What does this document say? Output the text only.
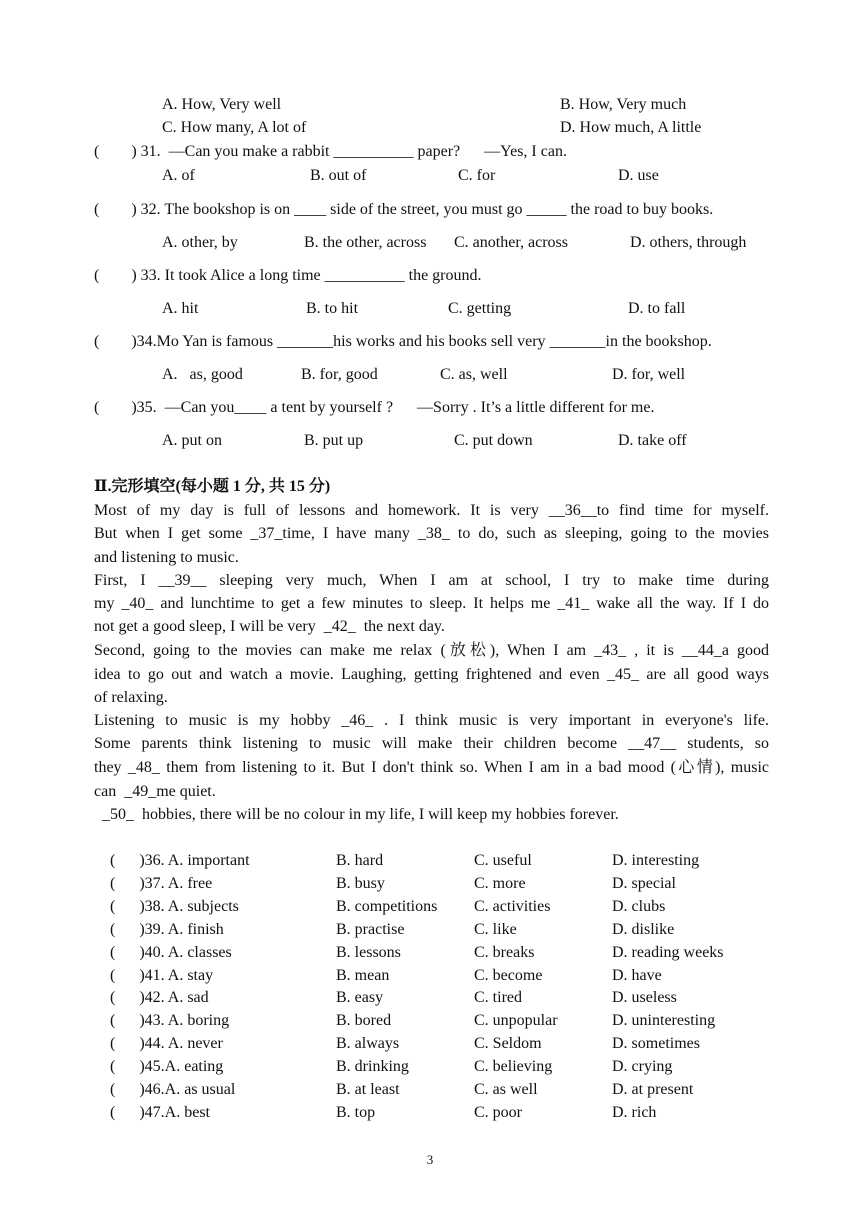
A. How, Very well	B. How, Very much
C. How many, A lot of	D. How much, A little
(        ) 31.  —Can you make a rabbit __________ paper?      —Yes, I can.
A. of	B. out of	C. for	D. use
(        ) 32. The bookshop is on ____ side of the street, you must go _____ the road to buy books.
A. other, by	B. the other, across C. another, across	D. others, through
(        ) 33. It took Alice a long time __________ the ground.
A. hit	B. to hit	C. getting	D. to fall
(        )34.Mo Yan is famous _______his works and his books sell very _______in the bookshop.
A.   as, good	B. for, good	C. as, well	D. for, well
(        )35.  —Can you____ a tent by yourself ?      —Sorry . It’s a little different for me.
A. put on	B. put up	C. put down	D. take off
Ⅱ.完形填空(每小题 1 分, 共 15 分)
Most of my day is full of lessons and homework. It is very __36__to find time for myself.
But when I get some _37_time, I have many _38_ to do, such as sleeping, going to the movies
and listening to music.
First, I __39__ sleeping very much, When I am at school, I try to make time during
my _40_ and lunchtime to get a few minutes to sleep. It helps me _41_ wake all the way. If I do
not get a good sleep, I will be very  _42_  the next day.
Second, going to the movies can make me relax (放松), When I am _43_ , it is __44_a good
idea to go out and watch a movie. Laughing, getting frightened and even _45_ are all good ways
of relaxing.
Listening to music is my hobby _46_ . I think music is very important in everyone's life.
Some parents think listening to music will make their children become __47__ students, so
they _48_ them from listening to it. But I don't think so. When I am in a bad mood (心情), music
can  _49_me quiet.
_50_  hobbies, there will be no colour in my life, I will keep my hobbies forever.
(      )36. A. important	B. hard	C. useful	D. interesting
(      )37. A. free	B. busy	C. more	D. special
(      )38. A. subjects	B. competitions C. activities	D. clubs
(      )39. A. finish	B. practise	C. like	D. dislike
(      )40. A. classes	B. lessons	C. breaks	D. reading weeks
(      )41. A. stay	B. mean	C. become	D. have
(      )42. A. sad	B. easy	C. tired	D. useless
(      )43. A. boring	B. bored	C. unpopular	D. uninteresting
(      )44. A. never	B. always	C. Seldom	D. sometimes
(      )45.A. eating	B. drinking	C. believing	D. crying
(      )46.A. as usual	B. at least	C. as well	D. at present
(      )47.A. best	B. top	C. poor	D. rich
3
